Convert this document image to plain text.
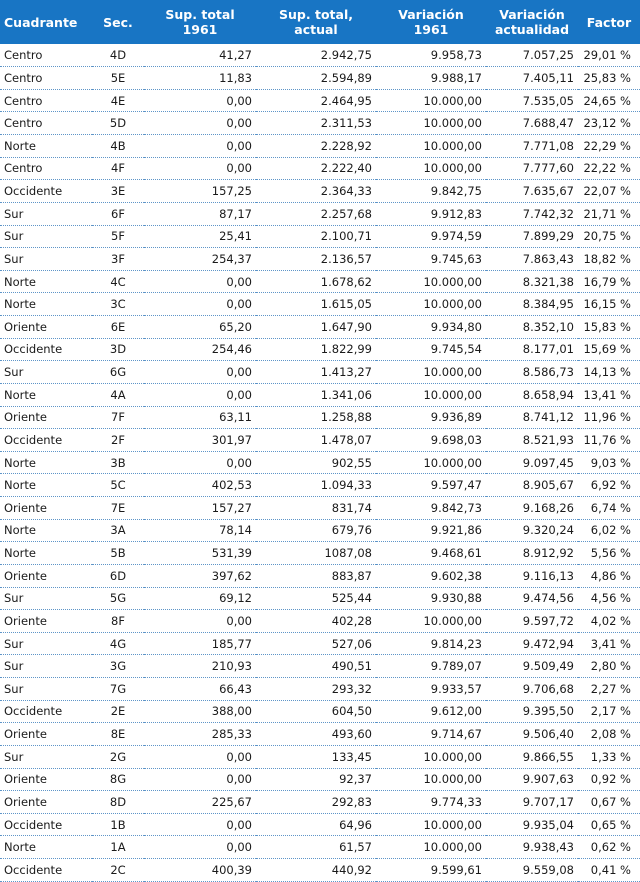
Cuadrante	Sec.	Sup. total 1961	Sup. total, actual	Variación 1961	Variación actualidad	Factor
Centro	4D	41,27	2.942,75	9.958,73	7.057,25	29,01 %
Centro	5E	11,83	2.594,89	9.988,17	7.405,11	25,83 %
Centro	4E	0,00	2.464,95	10.000,00	7.535,05	24,65 %
Centro	5D	0,00	2.311,53	10.000,00	7.688,47	23,12 %
Norte	4B	0,00	2.228,92	10.000,00	7.771,08	22,29 %
Centro	4F	0,00	2.222,40	10.000,00	7.777,60	22,22 %
Occidente	3E	157,25	2.364,33	9.842,75	7.635,67	22,07 %
Sur	6F	87,17	2.257,68	9.912,83	7.742,32	21,71 %
Sur	5F	25,41	2.100,71	9.974,59	7.899,29	20,75 %
Sur	3F	254,37	2.136,57	9.745,63	7.863,43	18,82 %
Norte	4C	0,00	1.678,62	10.000,00	8.321,38	16,79 %
Norte	3C	0,00	1.615,05	10.000,00	8.384,95	16,15 %
Oriente	6E	65,20	1.647,90	9.934,80	8.352,10	15,83 %
Occidente	3D	254,46	1.822,99	9.745,54	8.177,01	15,69 %
Sur	6G	0,00	1.413,27	10.000,00	8.586,73	14,13 %
Norte	4A	0,00	1.341,06	10.000,00	8.658,94	13,41 %
Oriente	7F	63,11	1.258,88	9.936,89	8.741,12	11,96 %
Occidente	2F	301,97	1.478,07	9.698,03	8.521,93	11,76 %
Norte	3B	0,00	902,55	10.000,00	9.097,45	9,03 %
Norte	5C	402,53	1.094,33	9.597,47	8.905,67	6,92 %
Oriente	7E	157,27	831,74	9.842,73	9.168,26	6,74 %
Norte	3A	78,14	679,76	9.921,86	9.320,24	6,02 %
Norte	5B	531,39	1087,08	9.468,61	8.912,92	5,56 %
Oriente	6D	397,62	883,87	9.602,38	9.116,13	4,86 %
Sur	5G	69,12	525,44	9.930,88	9.474,56	4,56 %
Oriente	8F	0,00	402,28	10.000,00	9.597,72	4,02 %
Sur	4G	185,77	527,06	9.814,23	9.472,94	3,41 %
Sur	3G	210,93	490,51	9.789,07	9.509,49	2,80 %
Sur	7G	66,43	293,32	9.933,57	9.706,68	2,27 %
Occidente	2E	388,00	604,50	9.612,00	9.395,50	2,17 %
Oriente	8E	285,33	493,60	9.714,67	9.506,40	2,08 %
Sur	2G	0,00	133,45	10.000,00	9.866,55	1,33 %
Oriente	8G	0,00	92,37	10.000,00	9.907,63	0,92 %
Oriente	8D	225,67	292,83	9.774,33	9.707,17	0,67 %
Occidente	1B	0,00	64,96	10.000,00	9.935,04	0,65 %
Norte	1A	0,00	61,57	10.000,00	9.938,43	0,62 %
Occidente	2C	400,39	440,92	9.599,61	9.559,08	0,41 %
